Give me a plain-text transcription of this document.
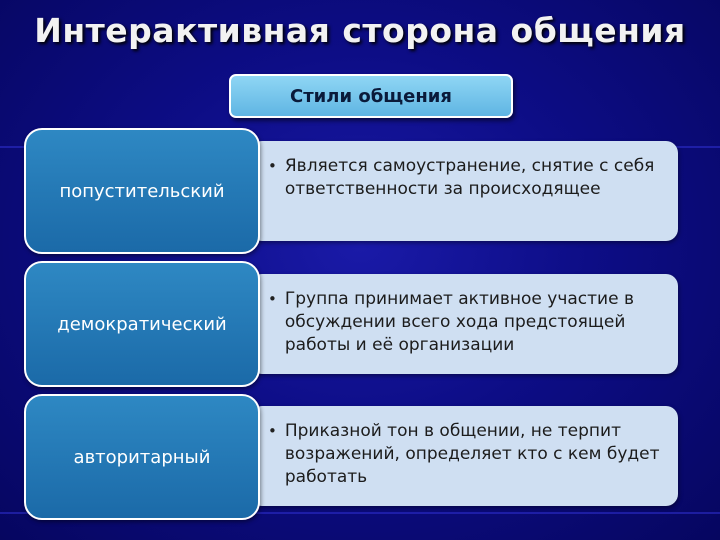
Интерактивная сторона общения
Стили общения
попустительский
• Является самоустранение, снятие с себя ответственности за происходящее
демократический
• Группа принимает активное участие в обсуждении всего хода предстоящей работы и её организации
авторитарный
• Приказной тон в общении, не терпит возражений, определяет кто с кем будет работать
